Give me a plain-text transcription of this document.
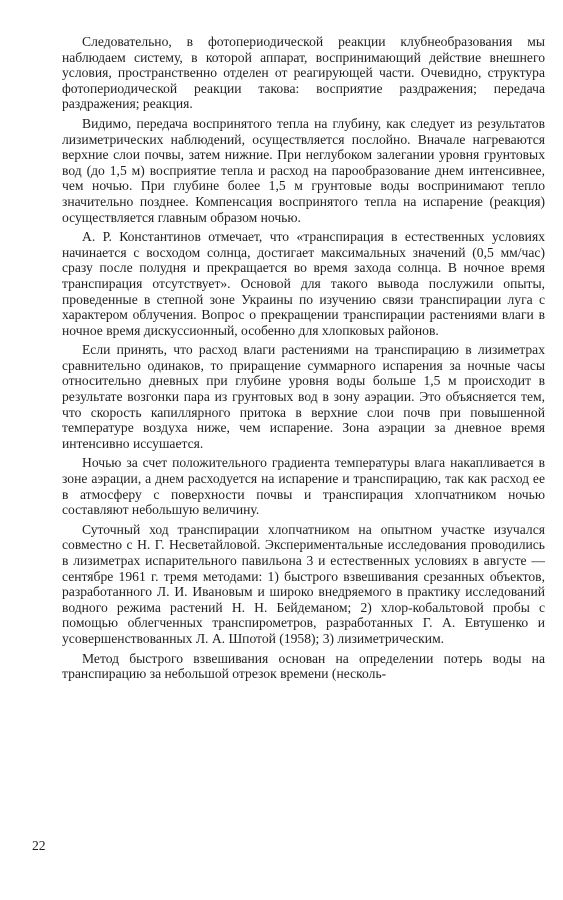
Следовательно, в фотопериодической реакции клубнеобразования мы наблюдаем систему, в которой аппарат, воспринимающий действие внешнего условия, пространственно отделен от реагирующей части. Очевидно, структура фотопериодической реакции такова: восприятие раздражения; передача раздражения; реакция.

Видимо, передача воспринятого тепла на глубину, как следует из результатов лизиметрических наблюдений, осуществляется послойно. Вначале нагреваются верхние слои почвы, затем нижние. При неглубоком залегании уровня грунтовых вод (до 1,5 м) восприятие тепла и расход на парообразование днем интенсивнее, чем ночью. При глубине более 1,5 м грунтовые воды воспринимают тепло значительно позднее. Компенсация воспринятого тепла на испарение (реакция) осуществляется главным образом ночью.

А. Р. Константинов отмечает, что «транспирация в естественных условиях начинается с восходом солнца, достигает максимальных значений (0,5 мм/час) сразу после полудня и прекращается во время захода солнца. В ночное время транспирация отсутствует». Основой для такого вывода послужили опыты, проведенные в степной зоне Украины по изучению связи транспирации луга с характером облучения. Вопрос о прекращении транспирации растениями влаги в ночное время дискуссионный, особенно для хлопковых районов.

Если принять, что расход влаги растениями на транспирацию в лизиметрах сравнительно одинаков, то приращение суммарного испарения за ночные часы относительно дневных при глубине уровня воды больше 1,5 м происходит в результате возгонки пара из грунтовых вод в зону аэрации. Это объясняется тем, что скорость капиллярного притока в верхние слои почв при повышенной температуре воздуха ниже, чем испарение. Зона аэрации за дневное время интенсивно иссушается.

Ночью за счет положительного градиента температуры влага накапливается в зоне аэрации, а днем расходуется на испарение и транспирацию, так как расход ее в атмосферу с поверхности почвы и транспирация хлопчатником ночью составляют небольшую величину.

Суточный ход транспирации хлопчатником на опытном участке изучался совместно с Н. Г. Несветайловой. Экспериментальные исследования проводились в лизиметрах испарительного павильона 3 и естественных условиях в августе — сентябре 1961 г. тремя методами: 1) быстрого взвешивания срезанных объектов, разработанного Л. И. Ивановым и широко внедряемого в практику исследований водного режима растений Н. Н. Бейдеманом; 2) хлор-кобальтовой пробы с помощью облегченных транспирометров, разработанных Г. А. Евтушенко и усовершенствованных Л. А. Шпотой (1958); 3) лизиметрическим.

Метод быстрого взвешивания основан на определении потерь воды на транспирацию за небольшой отрезок времени (несколь-

22
